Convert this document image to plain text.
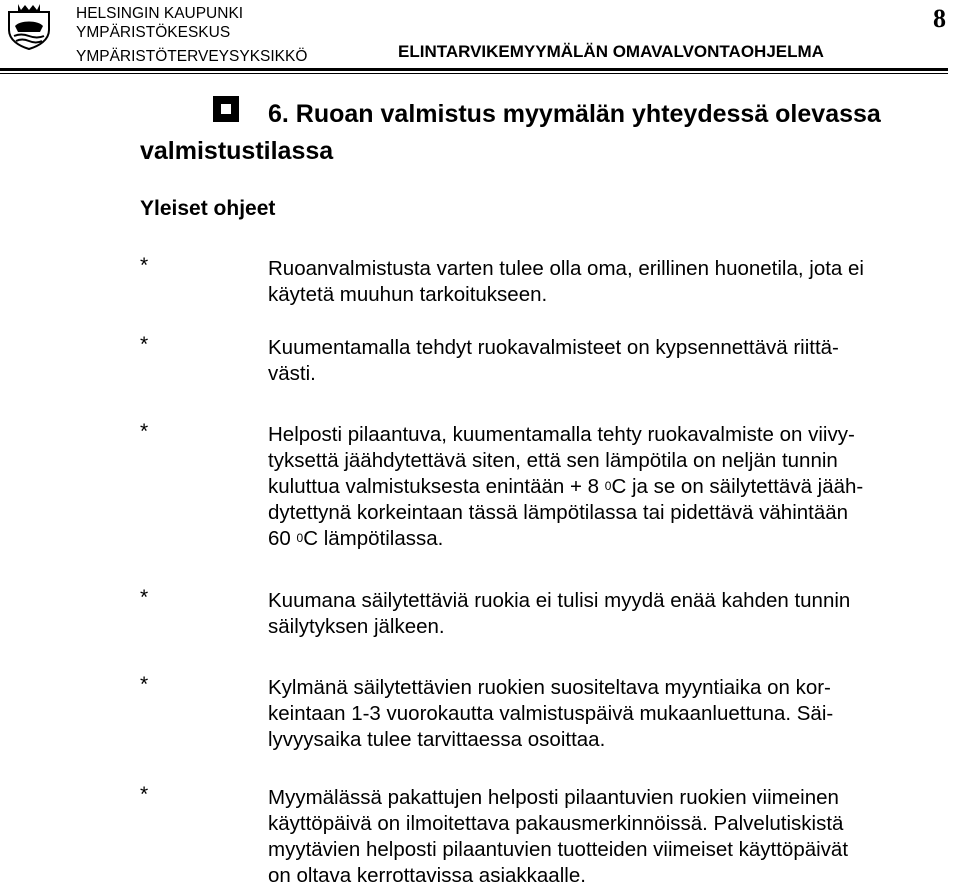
HELSINGIN KAUPUNKI
YMPÄRISTÖKESKUS
YMPÄRISTÖTERVEYSYKSIKKÖ	ELINTARVIKEMYYMÄLÄN OMAVALVONTAOHJELMA
8
6. Ruoan valmistus myymälän yhteydessä olevassa valmistustilassa
Yleiset ohjeet
*	Ruoanvalmistusta varten tulee olla oma, erillinen huonetila, jota ei
käytetä muuhun tarkoitukseen.
*	Kuumentamalla tehdyt ruokavalmisteet on kypsennettävä riittä-
västi.
*	Helposti pilaantuva, kuumentamalla tehty ruokavalmiste on viivy-
tyksettä jäähdytettävä siten, että sen lämpötila on neljän tunnin
kuluttua valmistuksesta enintään + 8 $^0$C ja se on säilytettävä jääh-
dytettynä korkeintaan tässä lämpötilassa tai pidettävä vähintään
60 $^0$C lämpötilassa.
*	Kuumana säilytettäviä ruokia ei tulisi myydä enää kahden tunnin
säilytyksen jälkeen.
*	Kylmänä säilytettävien ruokien suositeltava myyntiaika on kor-
keintaan 1-3 vuorokautta valmistuspäivä mukaanluettuna. Säi-
lyvyysaika tulee tarvittaessa osoittaa.
*	Myymälässä pakattujen helposti pilaantuvien ruokien viimeinen
käyttöpäivä on ilmoitettava pakausmerkinnöissä. Palvelutiskistä
myytävien helposti pilaantuvien tuotteiden viimeiset käyttöpäivät
on oltava kerrottavissa asiakkaalle.
